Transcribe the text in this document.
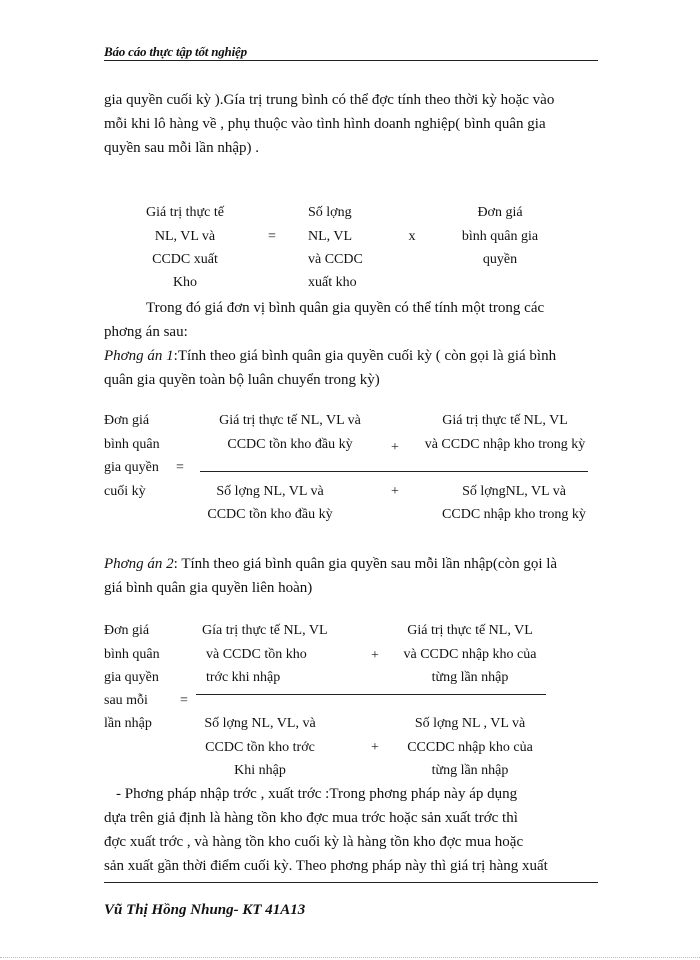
Báo cáo thực tập tốt nghiệp
gia quyền cuối kỳ ).Gía trị trung bình có thể đợc tính theo thời kỳ hoặc vào
mỗi khi lô hàng về , phụ thuộc vào tình hình doanh nghiệp( bình quân gia
quyền sau mỗi lần nhập) .
Giá trị thực tế
NL, VL và
CCDC xuất
Kho
=
Số lợng
NL, VL
và CCDC
xuất kho
x
Đơn giá
bình quân gia
quyền
Trong đó giá đơn vị bình quân gia quyền có thể tính một trong các
phơng án sau:
Phơng án 1:Tính theo giá bình quân gia quyền cuối kỳ ( còn gọi là giá bình
quân gia quyền toàn bộ luân chuyển trong kỳ)
Đơn giá
bình quân
gia quyền
cuối kỳ
=
Giá trị thực tế NL, VL và
CCDC tồn kho đầu kỳ	+
Giá trị thực tế NL, VL
và CCDC nhập kho trong kỳ
Số lợng NL, VL và
CCDC tồn kho đầu kỳ
+	Số lợngNL, VL và
CCDC nhập kho trong kỳ
Phơng án 2: Tính theo giá bình quân gia quyền sau mỗi lần nhập(còn gọi là
giá bình quân gia quyền liên hoàn)
Đơn giá
bình quân
gia quyền
sau mỗi
lần nhập
=
Gía trị thực tế NL, VL
và CCDC tồn kho
trớc khi nhập
+
Giá trị thực tế NL, VL
và CCDC nhập kho của
từng lần nhập
Số lợng NL, VL, và
CCDC tồn kho trớc
Khi nhập
+
Số lợng NL , VL và
CCCDC nhập kho của
từng lần nhập
- Phơng pháp nhập trớc , xuất trớc :Trong phơng pháp này áp dụng
dựa trên giả định là hàng tồn kho đợc mua trớc hoặc sản xuất trớc thì
đợc xuất trớc , và hàng tồn kho cuối kỳ là hàng tồn kho đợc mua hoặc
sản xuất gần thời điểm cuối kỳ. Theo phơng pháp này thì giá trị hàng xuất
Vũ Thị Hồng Nhung- KT 41A13
